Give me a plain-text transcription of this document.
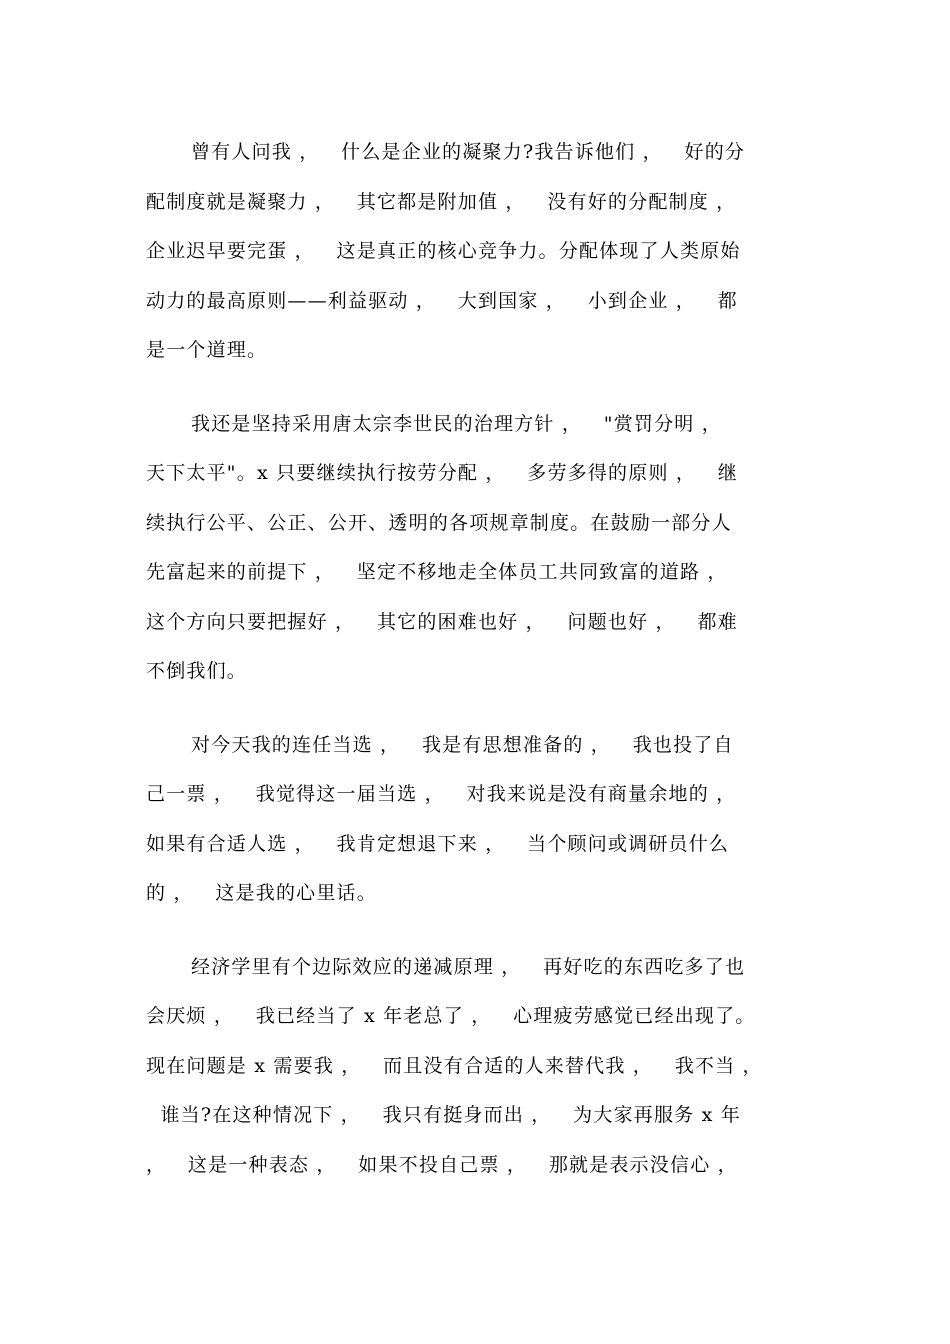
曾有人问我 ，   什么是企业的凝聚力?我告诉他们 ，   好的分
配制度就是凝聚力 ，   其它都是附加值 ，   没有好的分配制度 ，
企业迟早要完蛋 ，   这是真正的核心竞争力。分配体现了人类原始
动力的最高原则——利益驱动 ，   大到国家 ，   小到企业 ，   都
是一个道理。
我还是坚持采用唐太宗李世民的治理方针 ，   "赏罚分明 ，
天下太平"。x 只要继续执行按劳分配 ，   多劳多得的原则 ，   继
续执行公平、公正、公开、透明的各项规章制度。在鼓励一部分人
先富起来的前提下 ，   坚定不移地走全体员工共同致富的道路 ，
这个方向只要把握好 ，   其它的困难也好 ，   问题也好 ，   都难
不倒我们。
对今天我的连任当选 ，   我是有思想准备的 ，   我也投了自
己一票 ，   我觉得这一届当选 ，   对我来说是没有商量余地的 ，
如果有合适人选 ，   我肯定想退下来 ，   当个顾问或调研员什么
的 ，   这是我的心里话。
经济学里有个边际效应的递减原理 ，   再好吃的东西吃多了也
会厌烦 ，   我已经当了 x 年老总了 ，   心理疲劳感觉已经出现了。
现在问题是 x 需要我 ，   而且没有合适的人来替代我 ，   我不当 ，
谁当?在这种情况下 ，   我只有挺身而出 ，   为大家再服务 x 年
，   这是一种表态 ，   如果不投自己票 ，   那就是表示没信心 ，
